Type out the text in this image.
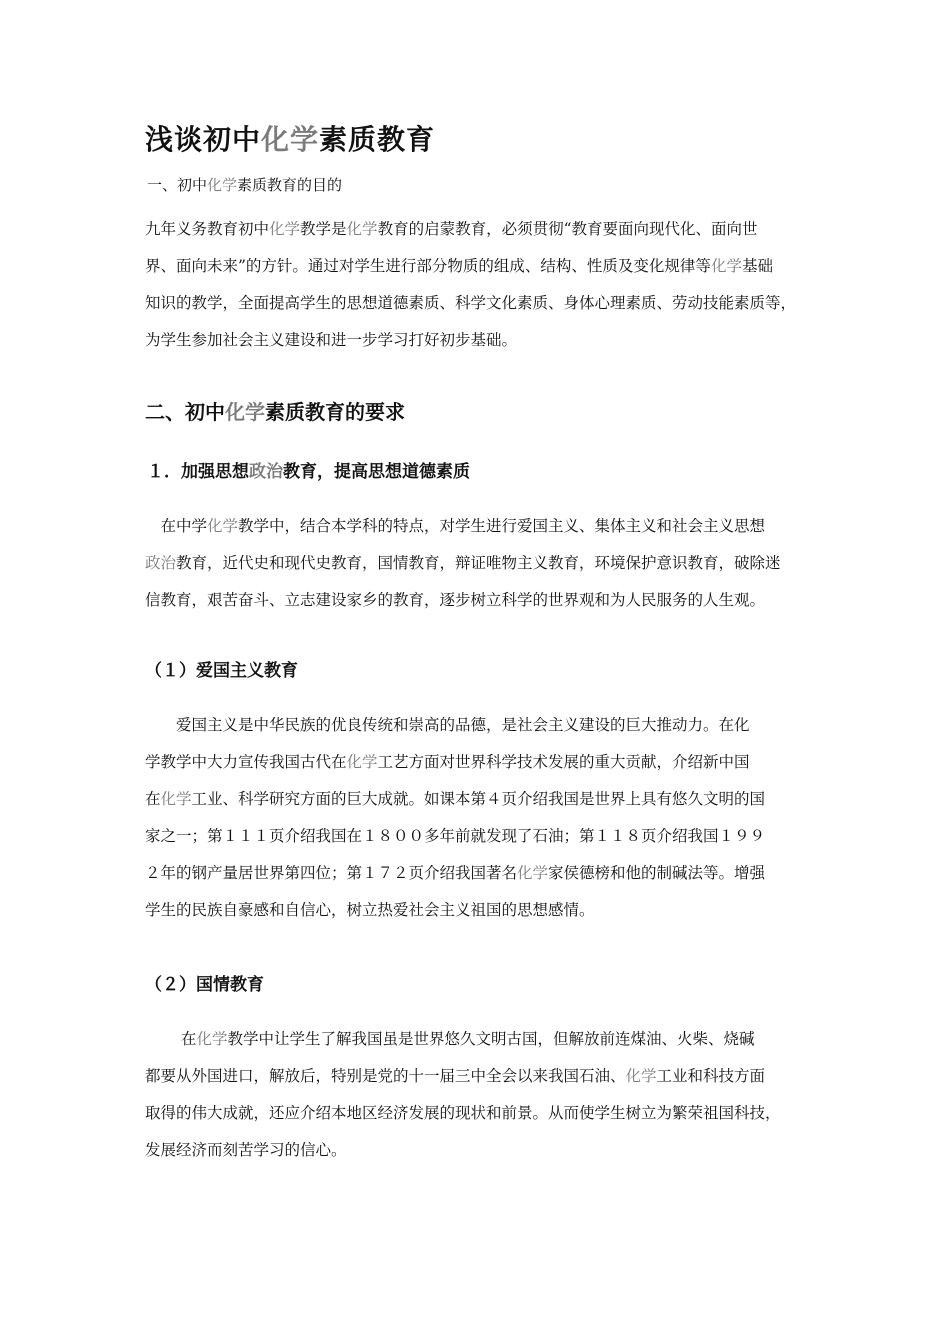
浅谈初中化学素质教育

一、初中化学素质教育的目的

九年义务教育初中化学教学是化学教育的启蒙教育，必须贯彻“教育要面向现代化、面向世
界、面向未来”的方针。通过对学生进行部分物质的组成、结构、性质及变化规律等化学基础
知识的教学，全面提高学生的思想道德素质、科学文化素质、身体心理素质、劳动技能素质等，
为学生参加社会主义建设和进一步学习打好初步基础。

二、初中化学素质教育的要求
１．加强思想政治教育，提高思想道德素质

　在中学化学教学中，结合本学科的特点，对学生进行爱国主义、集体主义和社会主义思想
政治教育，近代史和现代史教育，国情教育，辩证唯物主义教育，环境保护意识教育，破除迷
信教育，艰苦奋斗、立志建设家乡的教育，逐步树立科学的世界观和为人民服务的人生观。

（１）爱国主义教育

　　爱国主义是中华民族的优良传统和崇高的品德，是社会主义建设的巨大推动力。在化
学教学中大力宣传我国古代在化学工艺方面对世界科学技术发展的重大贡献，介绍新中国
在化学工业、科学研究方面的巨大成就。如课本第４页介绍我国是世界上具有悠久文明的国
家之一；第１１１页介绍我国在１８００多年前就发现了石油；第１１８页介绍我国１９９
２年的钢产量居世界第四位；第１７２页介绍我国著名化学家侯德榜和他的制碱法等。增强
学生的民族自豪感和自信心，树立热爱社会主义祖国的思想感情。

（２）国情教育

　　 在化学教学中让学生了解我国虽是世界悠久文明古国，但解放前连煤油、火柴、烧碱
都要从外国进口，解放后，特别是党的十一届三中全会以来我国石油、化学工业和科技方面
取得的伟大成就，还应介绍本地区经济发展的现状和前景。从而使学生树立为繁荣祖国科技，
发展经济而刻苦学习的信心。
